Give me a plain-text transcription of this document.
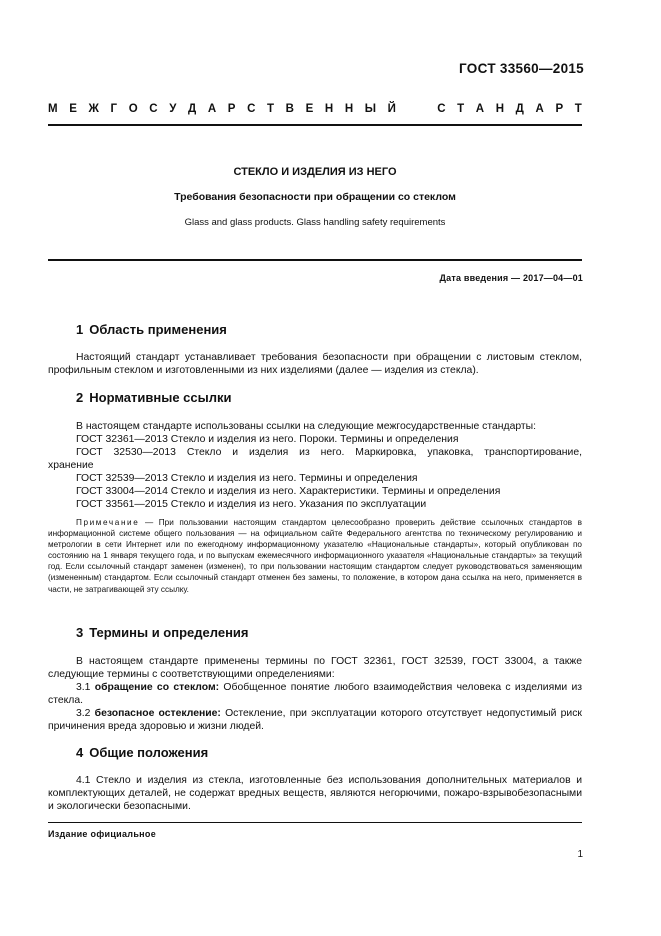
ГОСТ 33560—2015
М Е Ж Г О С У Д А Р С Т В Е Н Н Ы Й

	С Т А Н Д А Р Т
СТЕКЛО И ИЗДЕЛИЯ ИЗ НЕГО
Требования безопасности при обращении со стеклом
Glass and glass products. Glass handling safety requirements
Дата введения — 2017—04—01
1 Область применения
Настоящий стандарт устанавливает требования безопасности при обращении с листовым стеклом, профильным стеклом и изготовленными из них изделиями (далее — изделия из стекла).
2 Нормативные ссылки
В настоящем стандарте использованы ссылки на следующие межгосударственные стандарты:
ГОСТ 32361—2013 Стекло и изделия из него. Пороки. Термины и определения
ГОСТ 32530—2013 Стекло и изделия из него. Маркировка, упаковка, транспортирование,
хранение
ГОСТ 32539—2013 Стекло и изделия из него. Термины и определения
ГОСТ 33004—2014 Стекло и изделия из него. Характеристики. Термины и определения
ГОСТ 33561—2015 Стекло и изделия из него. Указания по эксплуатации
Примечание — При пользовании настоящим стандартом целесообразно проверить действие ссылочных стандартов в информационной системе общего пользования — на официальном сайте Федерального агентства по техническому регулированию и метрологии в сети Интернет или по ежегодному информационному указателю «Национальные стандарты», который опубликован по состоянию на 1 января текущего года, и по выпускам ежемесячного информационного указателя «Национальные стандарты» за текущий год. Если ссылочный стандарт заменен (изменен), то при пользовании настоящим стандартом следует руководствоваться заменяющим (измененным) стандартом. Если ссылочный стандарт отменен без замены, то положение, в котором дана ссылка на него, применяется в части, не затрагивающей эту ссылку.
3 Термины и определения
В настоящем стандарте применены термины по ГОСТ 32361, ГОСТ 32539, ГОСТ 33004, а также следующие термины с соответствующими определениями:
3.1 обращение со стеклом: Обобщенное понятие любого взаимодействия человека с изделиями из стекла.
3.2 безопасное остекление: Остекление, при эксплуатации которого отсутствует недопустимый риск причинения вреда здоровью и жизни людей.
4 Общие положения
4.1 Стекло и изделия из стекла, изготовленные без использования дополнительных материалов и комплектующих деталей, не содержат вредных веществ, являются негорючими, пожаро-взрывобезопасными и экологически безопасными.
Издание официальное
1
